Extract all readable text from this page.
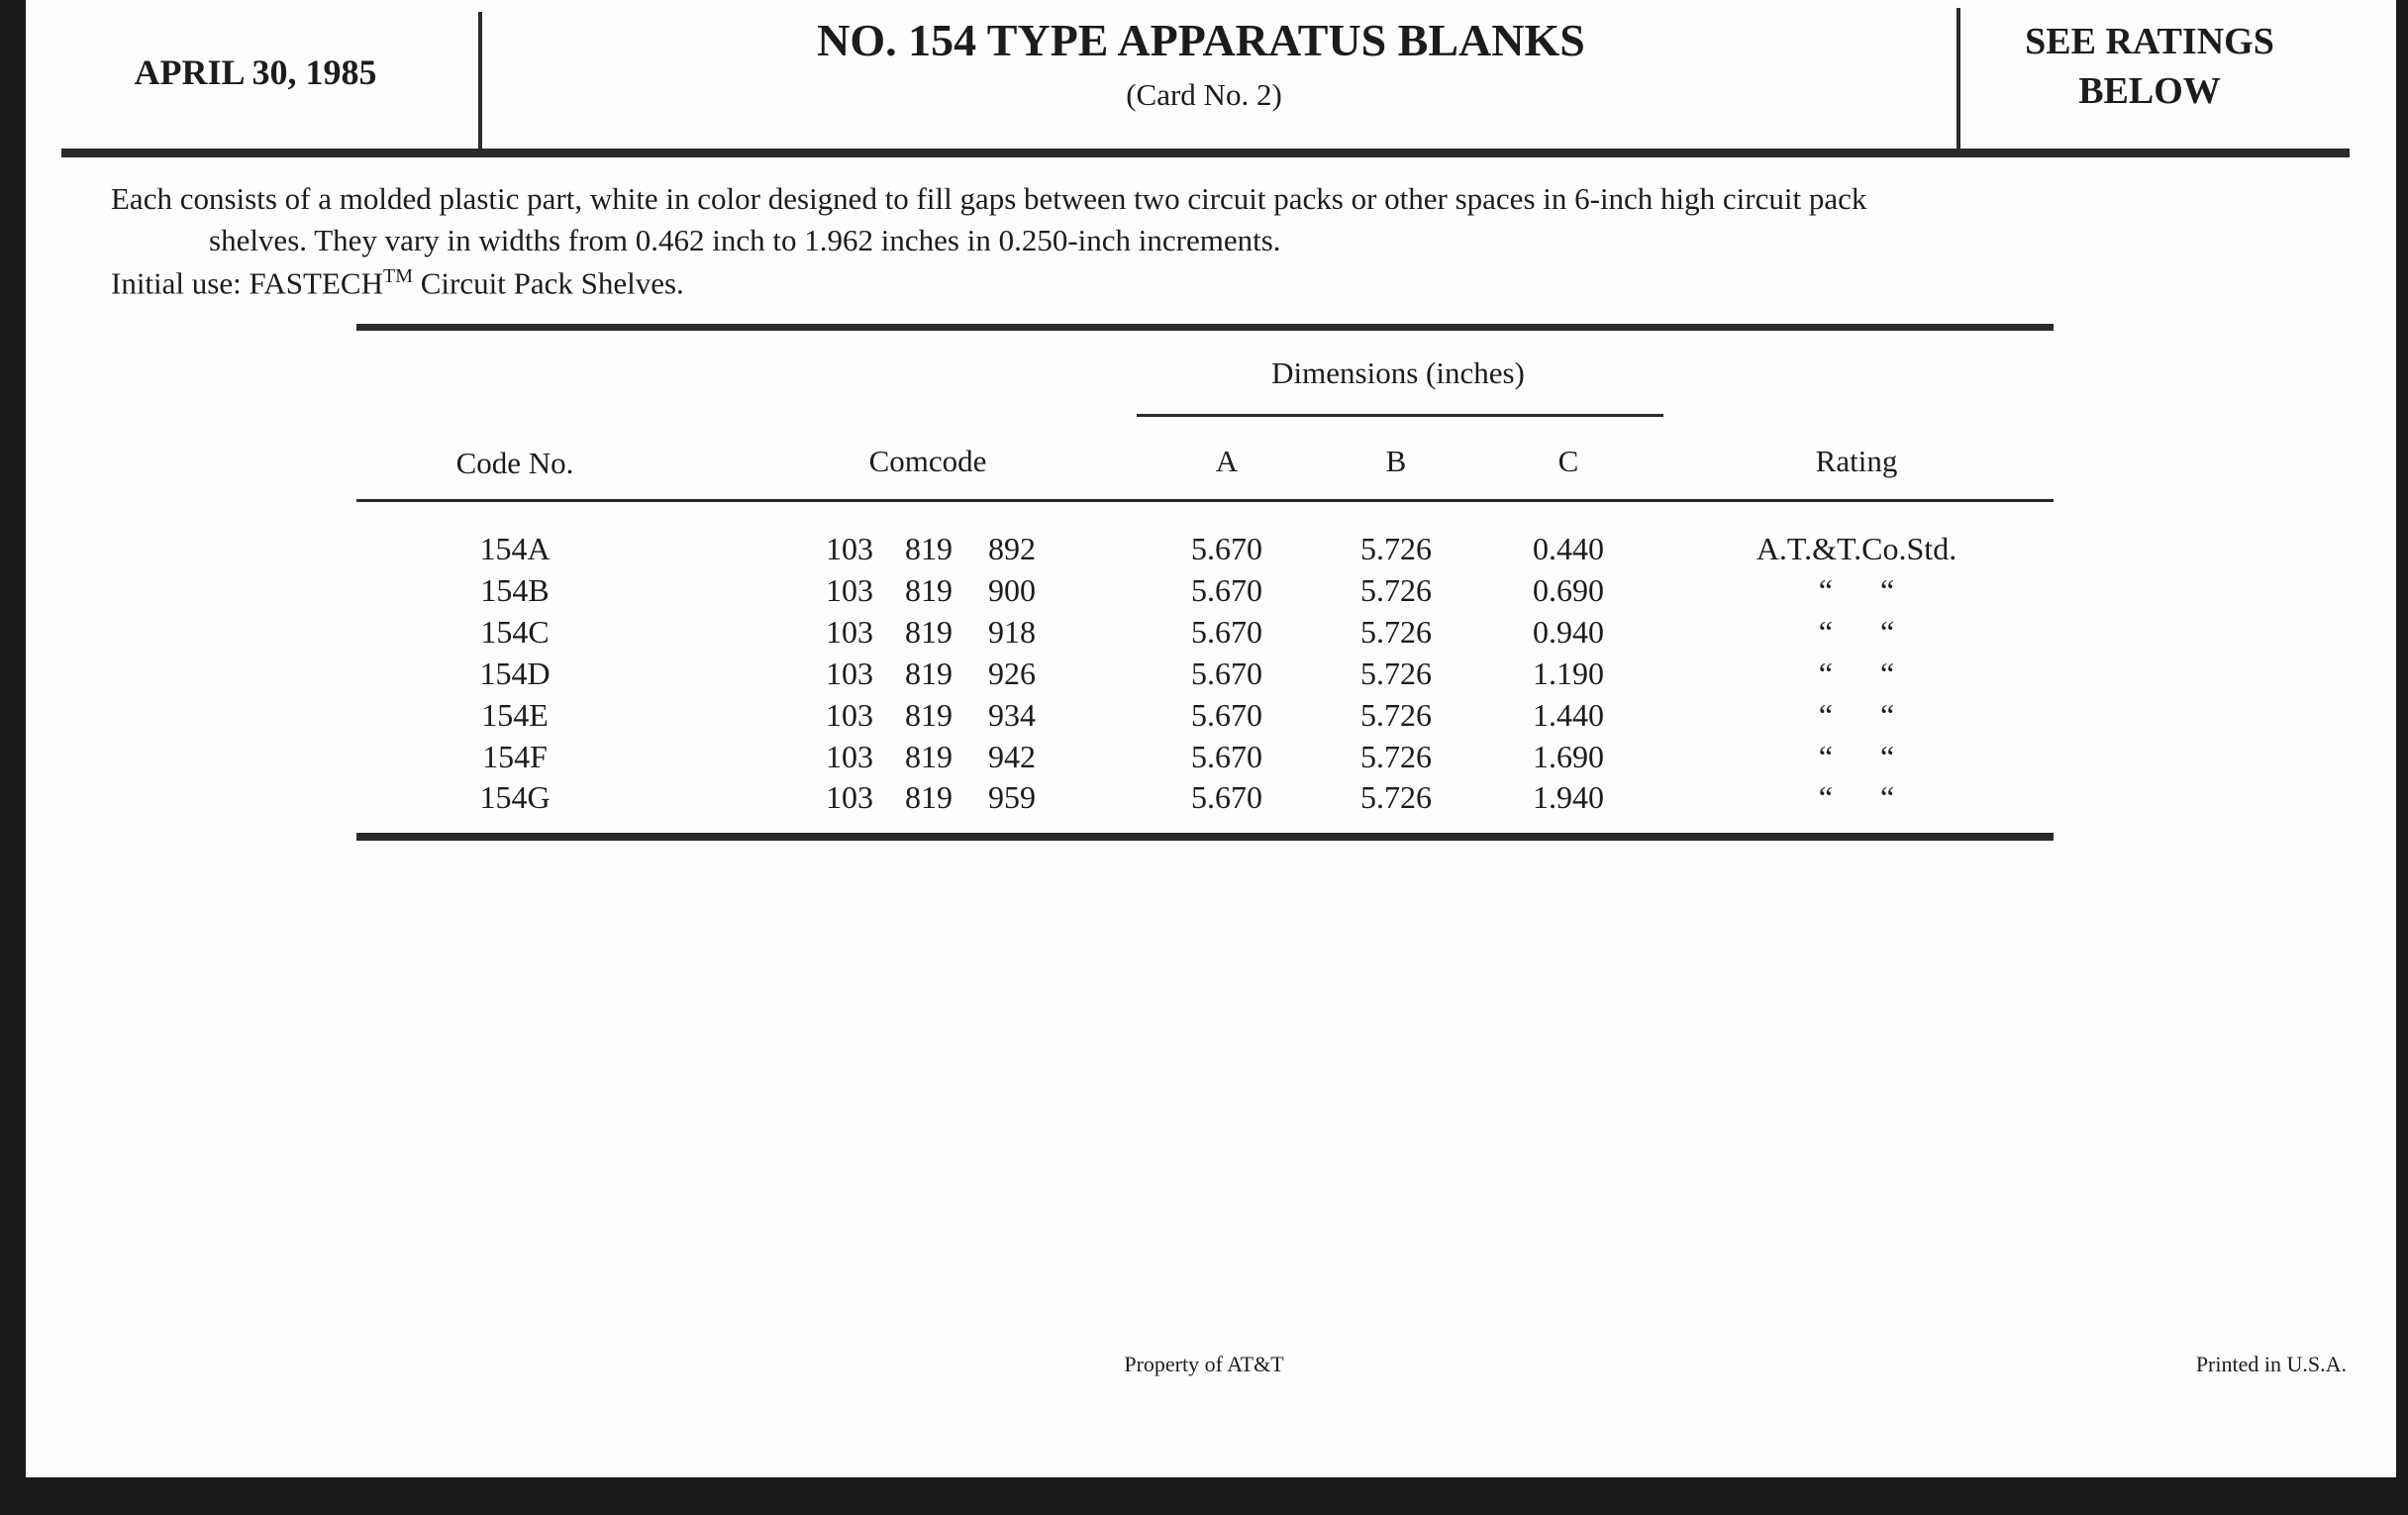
APRIL 30, 1985
NO. 154 TYPE APPARATUS BLANKS
(Card No. 2)
SEE RATINGS
BELOW
Each consists of a molded plastic part, white in color designed to fill gaps between two circuit packs or other spaces in 6-inch high circuit pack
shelves. They vary in widths from 0.462 inch to 1.962 inches in 0.250-inch increments.
Initial use: FASTECH™ Circuit Pack Shelves.
Dimensions (inches)
Code No.	Comcode	A	B	C	Rating
154A	103 819 892	5.670	5.726	0.440	A.T.&T.Co.Std.
154B	103 819 900	5.670	5.726	0.690	“      “
154C	103 819 918	5.670	5.726	0.940	“      “
154D	103 819 926	5.670	5.726	1.190	“      “
154E	103 819 934	5.670	5.726	1.440	“      “
154F	103 819 942	5.670	5.726	1.690	“      “
154G	103 819 959	5.670	5.726	1.940	“      “
Property of AT&T	Printed in U.S.A.
